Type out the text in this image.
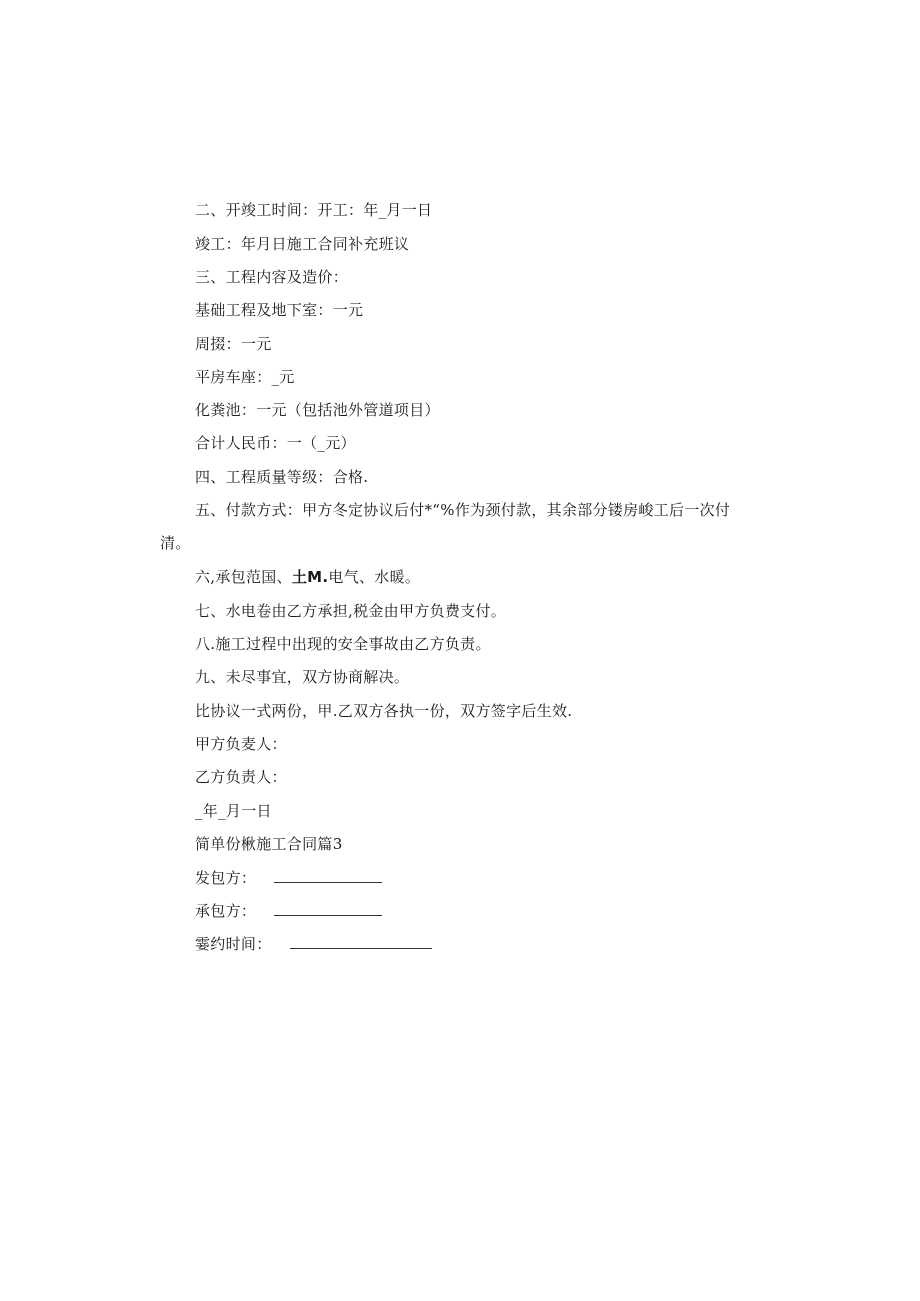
二、开竣工时间：开工：年_月一日
竣工：年月日施工合同补充班议
三、工程内容及造价：
基础工程及地下室：一元
周掇：一元
平房车座：_元
化粪池：一元（包括池外管道项目）
合计人民币：一（_元）
四、工程质量等级：合格.
五、付款方式：甲方冬定协议后付*“%作为颈付款，其余部分镂房峻工后一次付清。
六,承包范国、土M.电气、水暖。
七、水电卷由乙方承担,税金由甲方负费支付。
八.施工过程中出现的安全事故由乙方负责。
九、未尽事宜，双方协商解决。
比协议一式两份，甲.乙双方各执一份，双方签字后生效.
甲方负麦人：
乙方负责人：
_年_月一日
简单份楸施工合同篇3
发包方：
承包方：
霎约时间：
